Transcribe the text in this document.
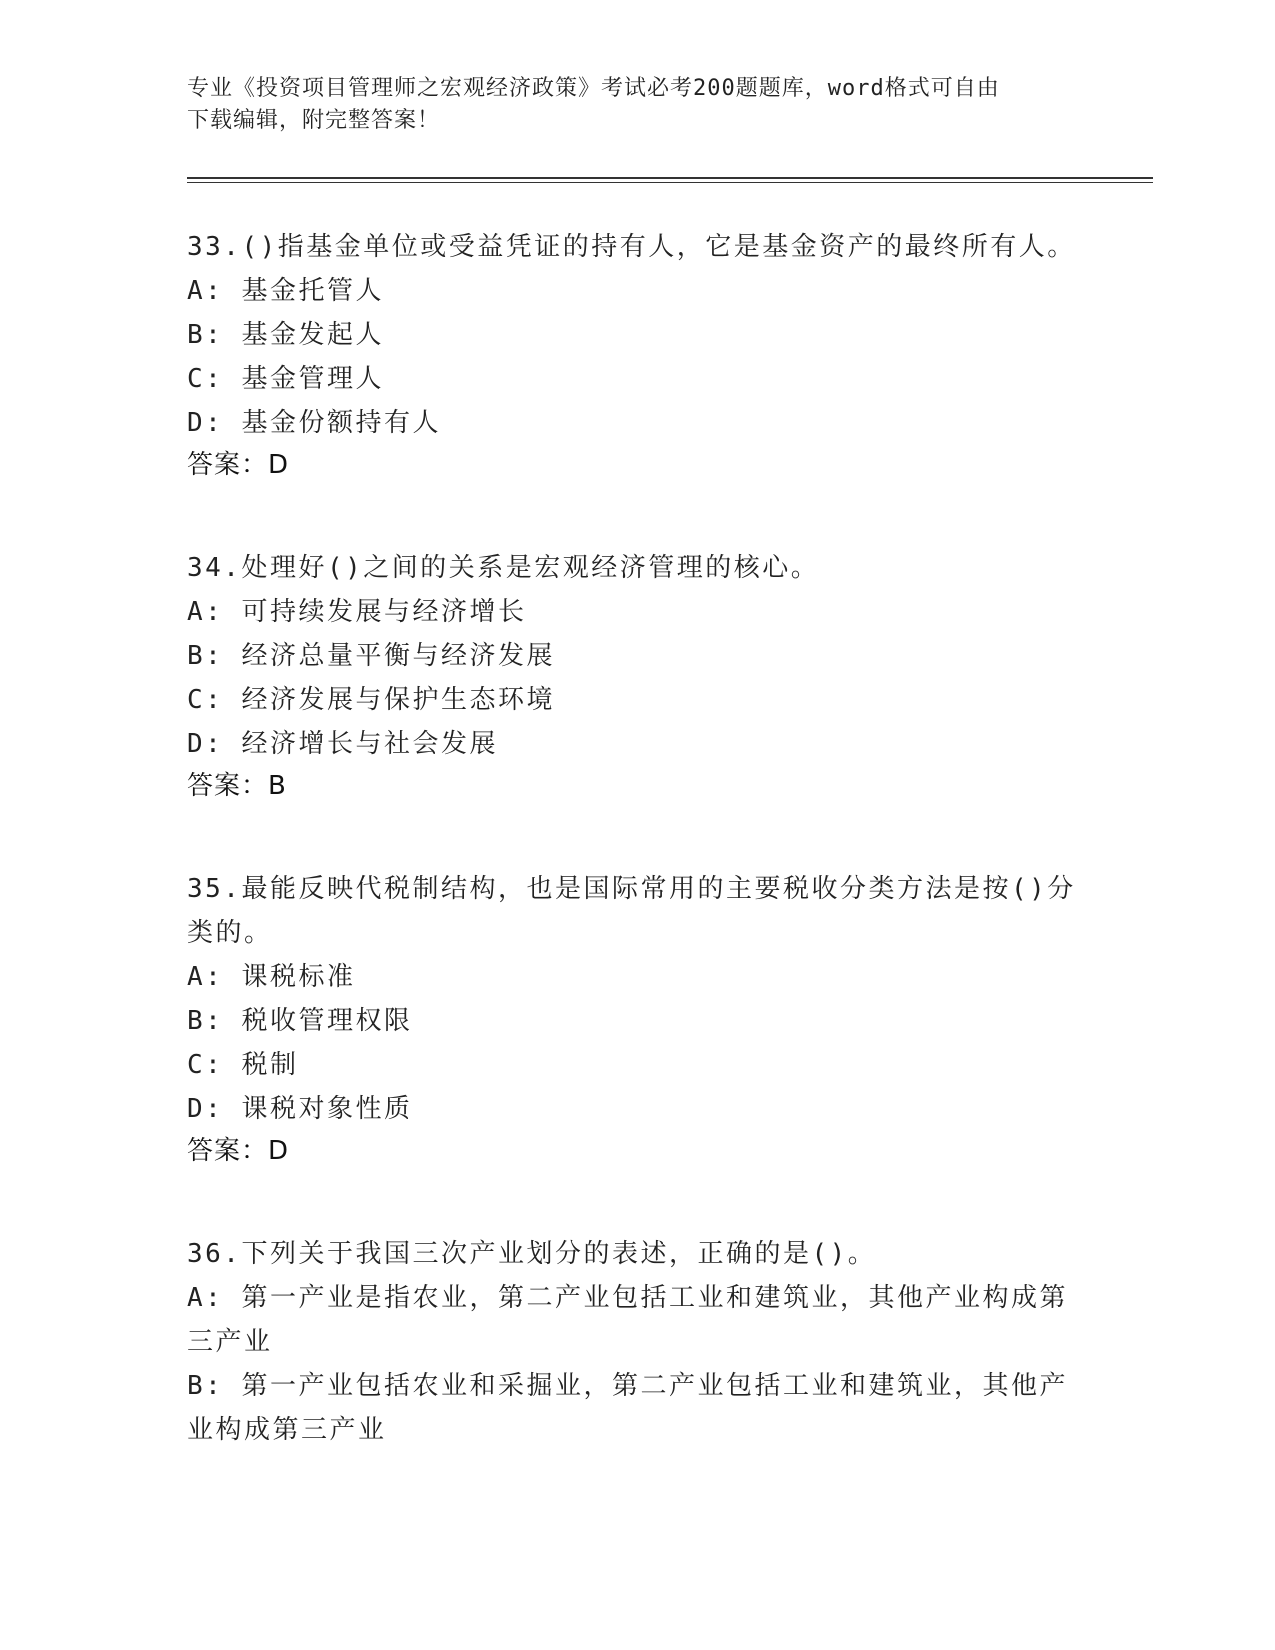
专业《投资项目管理师之宏观经济政策》考试必考200题题库，word格式可自由
下载编辑，附完整答案！
33.()指基金单位或受益凭证的持有人，它是基金资产的最终所有人。
A: 基金托管人
B: 基金发起人
C: 基金管理人
D: 基金份额持有人
答案：D
34.处理好()之间的关系是宏观经济管理的核心。
A: 可持续发展与经济增长
B: 经济总量平衡与经济发展
C: 经济发展与保护生态环境
D: 经济增长与社会发展
答案：B
35.最能反映代税制结构，也是国际常用的主要税收分类方法是按()分
类的。
A: 课税标准
B: 税收管理权限
C: 税制
D: 课税对象性质
答案：D
36.下列关于我国三次产业划分的表述，正确的是()。
A: 第一产业是指农业，第二产业包括工业和建筑业，其他产业构成第
三产业
B: 第一产业包括农业和采掘业，第二产业包括工业和建筑业，其他产
业构成第三产业
